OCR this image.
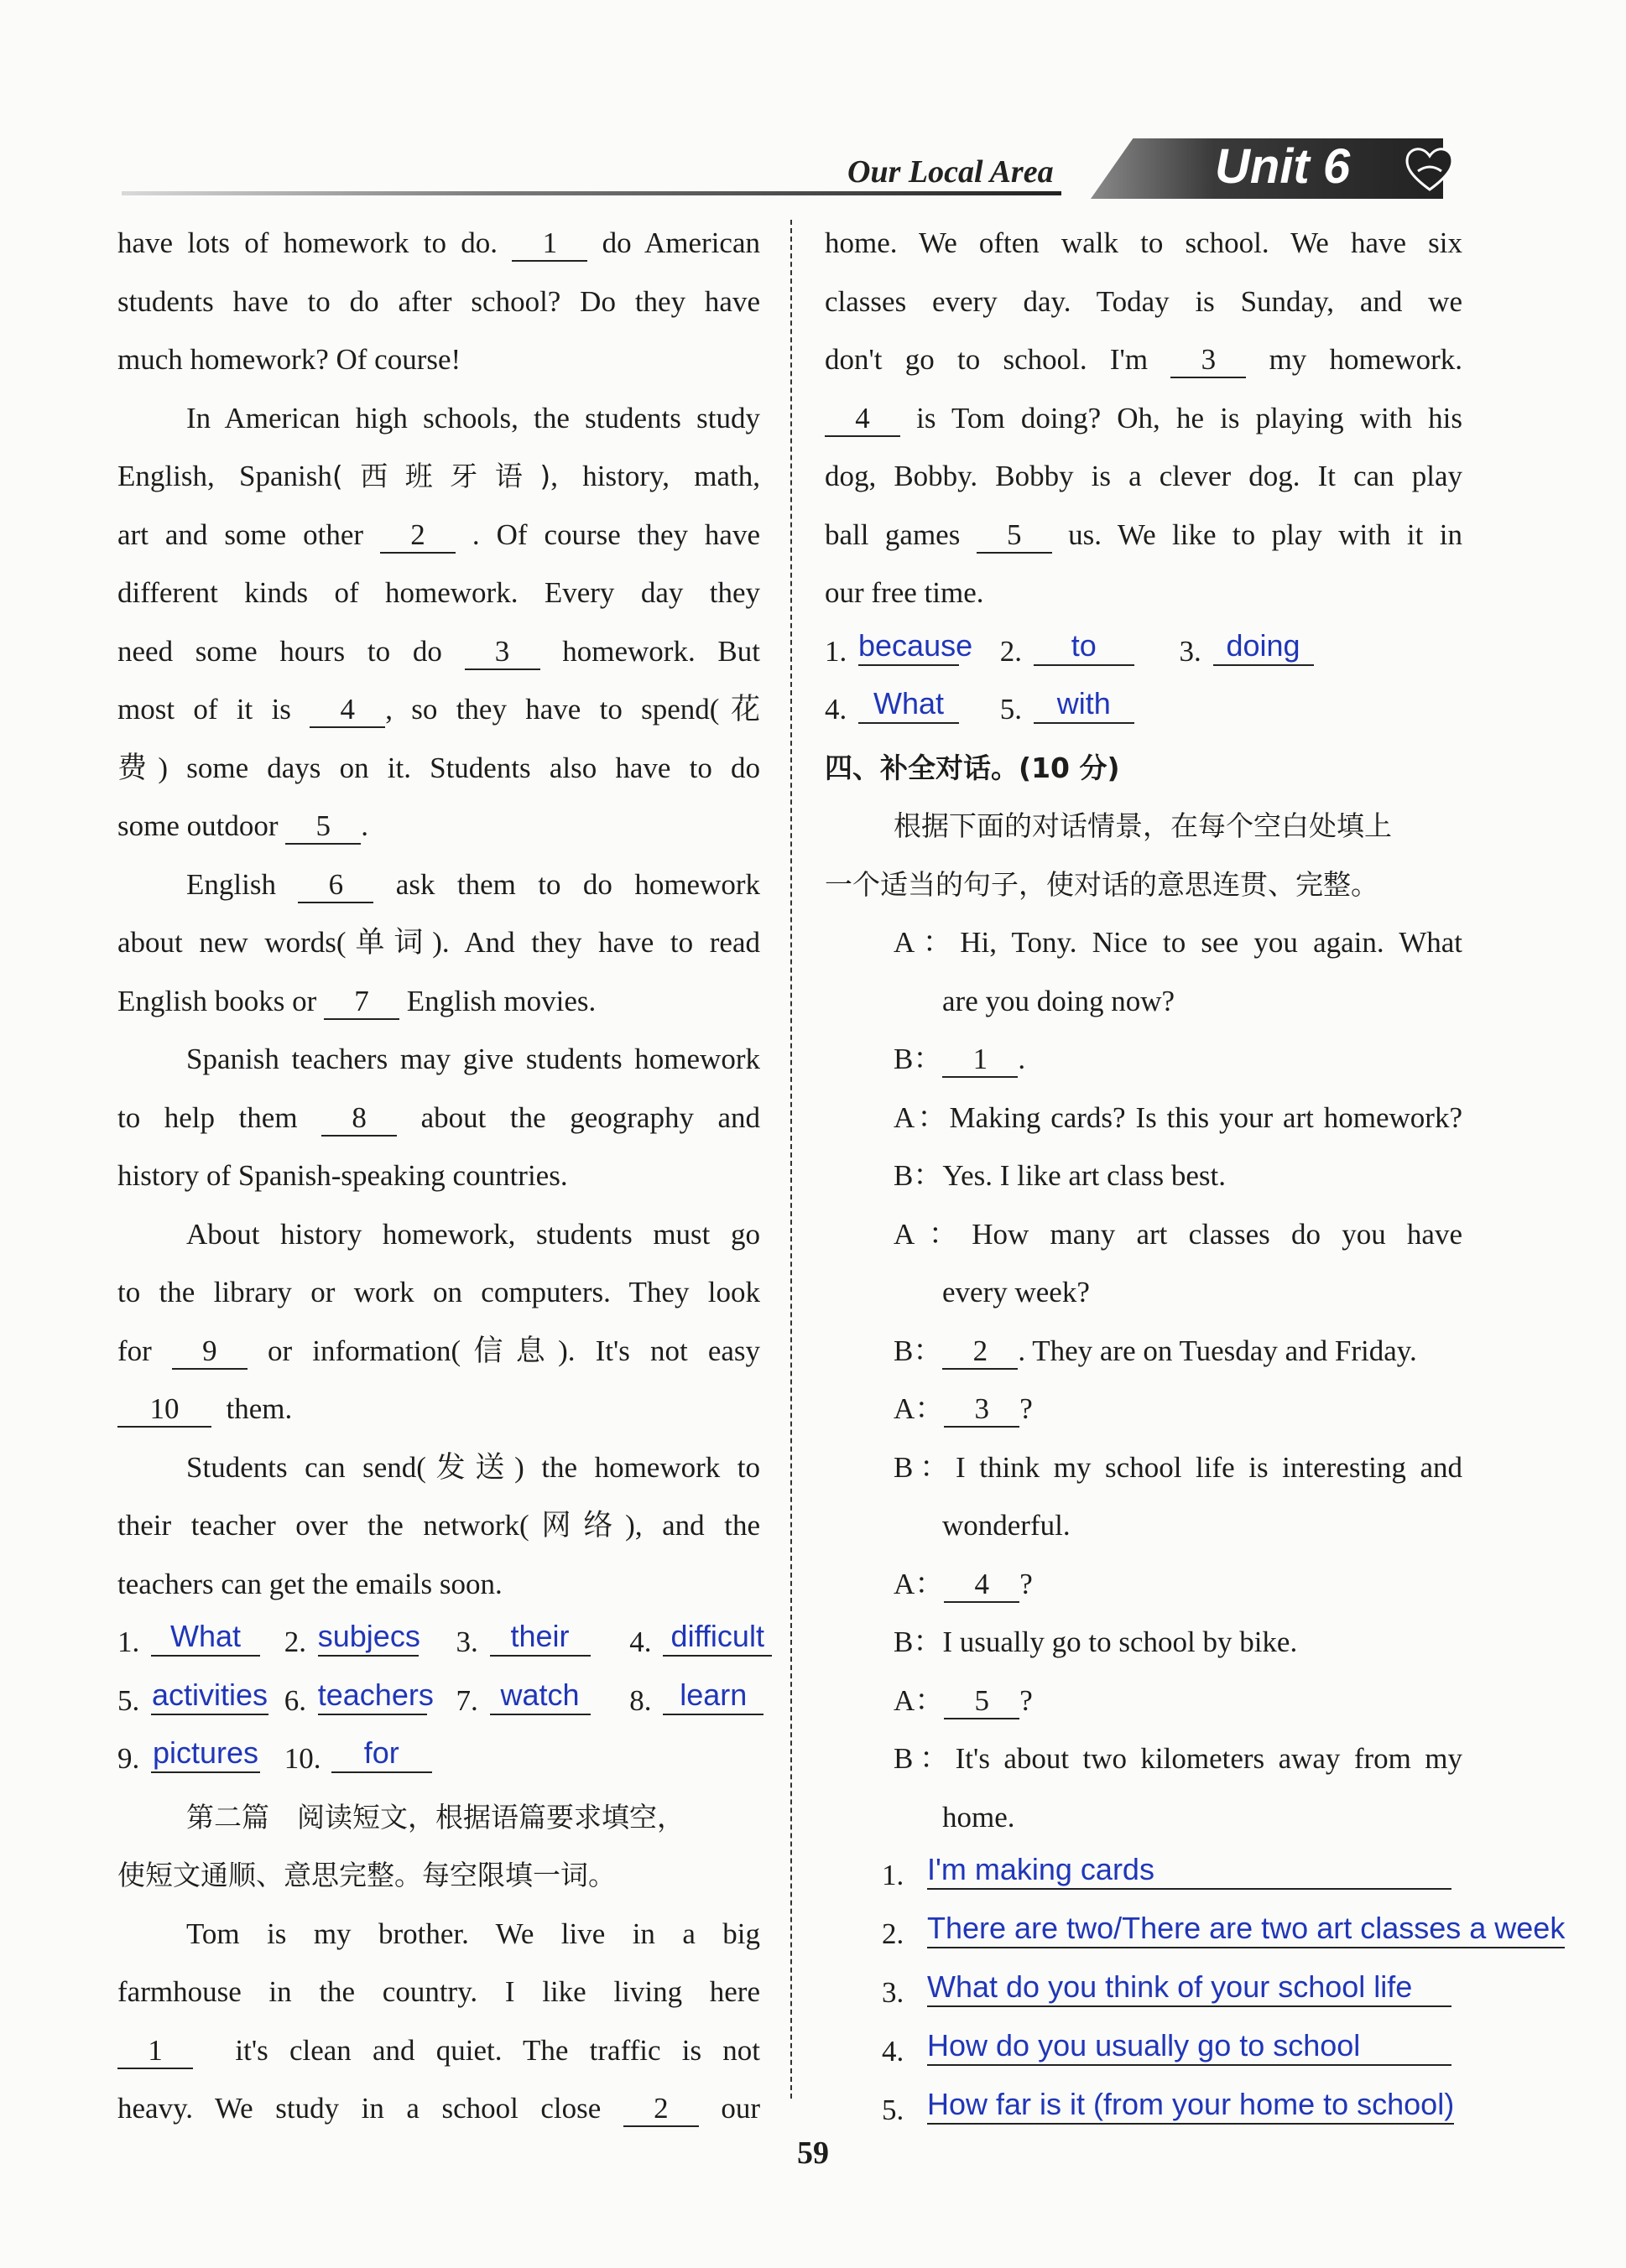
Our Local Area	Unit 6
have lots of homework to do. 1 do American
students have to do after school? Do they have
much homework? Of course!
In American high schools, the students study
English, Spanish(西班牙语), history, math,
art and some other 2 . Of course they have
different kinds of homework. Every day they
need some hours to do 3 homework. But
most of it is 4 , so they have to spend(花
费) some days on it. Students also have to do
some outdoor 5 .
English 6 ask them to do homework
about new words(单词). And they have to read
English books or 7 English movies.
Spanish teachers may give students homework
to help them 8 about the geography and
history of Spanish-speaking countries.
About history homework, students must go
to the library or work on computers. They look
for 9 or information(信息). It's not easy
10 them.
Students can send(发送) the homework to
their teacher over the network(网络), and the
teachers can get the emails soon.
1. What 2. subjecs 3. their 4. difficult
5. activities 6. teachers 7. watch 8. learn
9. pictures 10. for
第二篇　阅读短文，根据语篇要求填空，
使短文通顺、意思完整。每空限填一词。
Tom is my brother. We live in a big
farmhouse in the country. I like living here
1 it's clean and quiet. The traffic is not
heavy. We study in a school close 2 our
home. We often walk to school. We have six
classes every day. Today is Sunday, and we
don't go to school. I'm 3 my homework.
4 is Tom doing? Oh, he is playing with his
dog, Bobby. Bobby is a clever dog. It can play
ball games 5 us. We like to play with it in
our free time.
1. because 2. to	3. doing
4. What 5. with
四、补全对话。(10 分)
根据下面的对话情景，在每个空白处填上
一个适当的句子，使对话的意思连贯、完整。
A：Hi, Tony. Nice to see you again. What
are you doing now?
B： 1 .
A：Making cards? Is this your art homework?
B：Yes. I like art class best.
A：How many art classes do you have
every week?
B： 2 . They are on Tuesday and Friday.
A： 3 ?
B：I think my school life is interesting and
wonderful.
A： 4 ?
B：I usually go to school by bike.
A： 5 ?
B：It's about two kilometers away from my
home.
1. I'm making cards
2. There are two/There are two art classes a week
3. What do you think of your school life
4. How do you usually go to school
5. How far is it (from your home to school)
59
